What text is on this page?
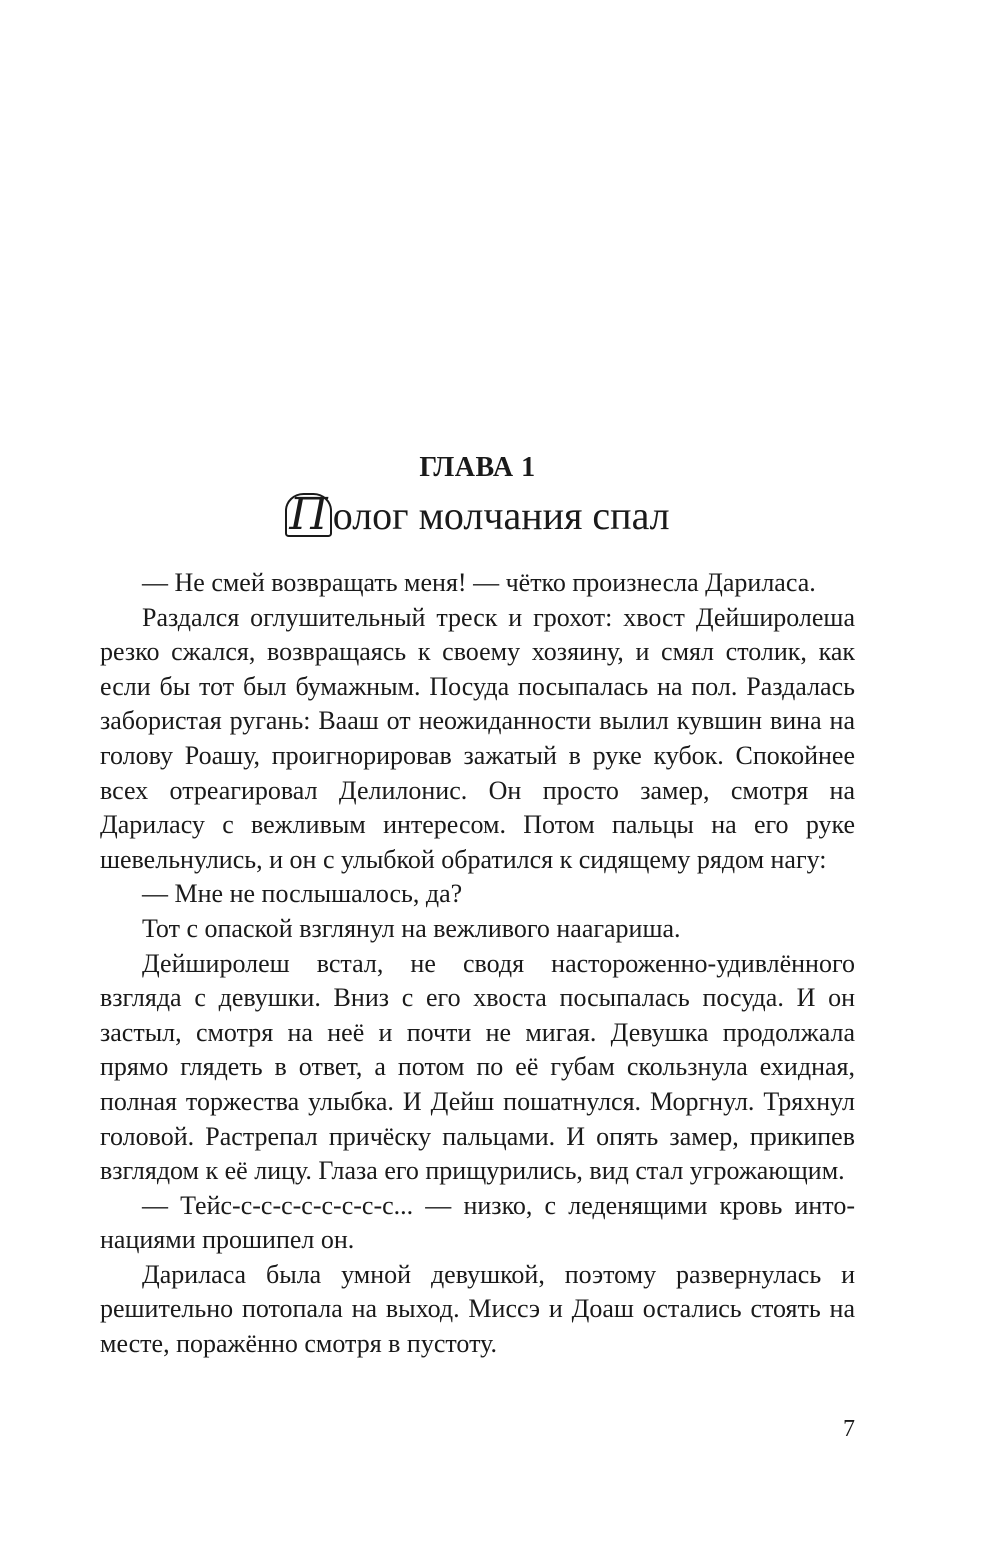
ГЛАВА 1
П олог молчания спал

— Не смей возвращать меня! — чётко произнесла Дариласа.

Раздался оглушительный треск и грохот: хвост Дейширолеша резко сжался, возвращаясь к своему хозяину, и смял столик, как если бы тот был бумажным. Посуда посыпалась на пол. Раздалась забористая ругань: Вааш от неожиданности вылил кувшин вина на голову Роашу, проигнорировав зажатый в руке кубок. Спокойнее всех отреагировал Делилонис. Он просто замер, смотря на Дариласу с вежливым интересом. Потом пальцы на его руке шевельнулись, и он с улыбкой обратился к сидящему рядом нагу:

— Мне не послышалось, да?

Тот с опаской взглянул на вежливого наагариша.

Дейширолеш встал, не сводя настороженно-удивлённого взгляда с девушки. Вниз с его хвоста посыпалась посуда. И он застыл, смотря на неё и почти не мигая. Девушка продолжала прямо глядеть в ответ, а потом по её губам скользнула ехидная, полная торжества улыбка. И Дейш пошатнулся. Моргнул. Тряхнул головой. Растрепал причёску пальцами. И опять замер, прикипев взглядом к её лицу. Глаза его прищурились, вид стал угрожающим.

— Тейс-с-с-с-с-с-с-с-с... — низко, с леденящими кровь интонациями прошипел он.

Дариласа была умной девушкой, поэтому развернулась и решительно потопала на выход. Миссэ и Доаш остались стоять на месте, поражённо смотря в пустоту.

7
